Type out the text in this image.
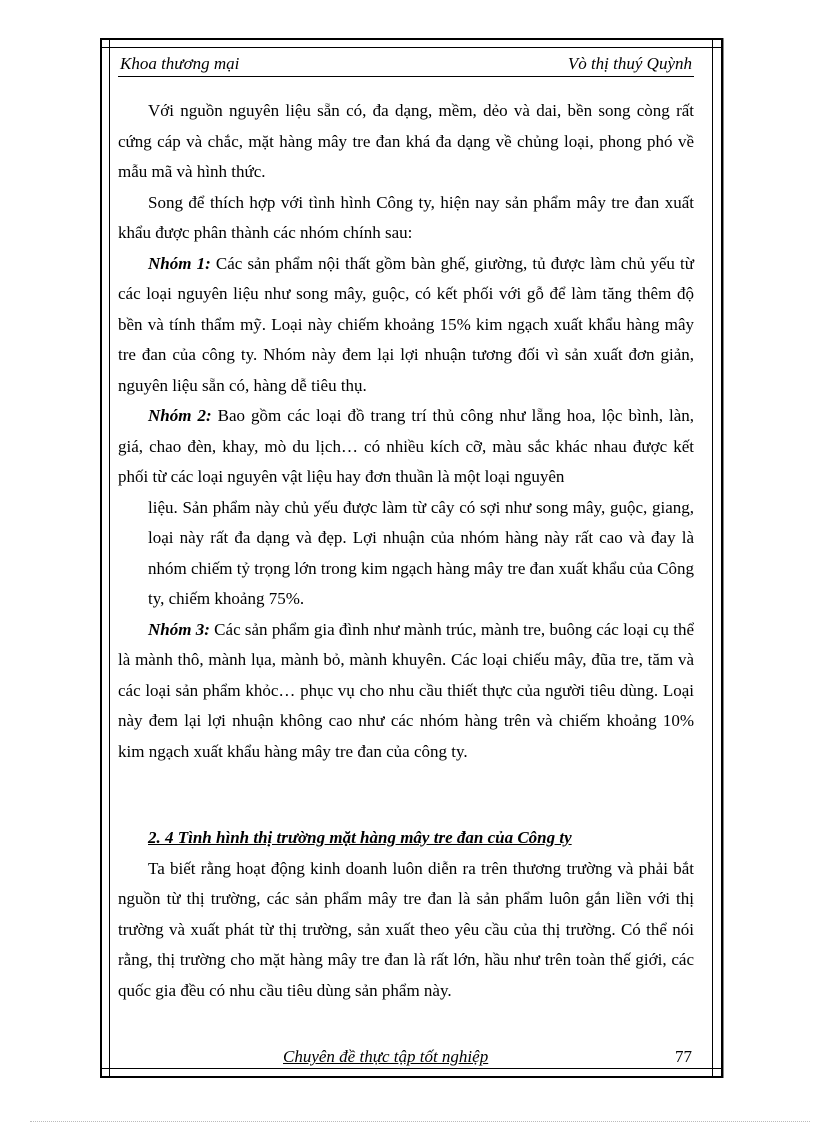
Khoa thương mại	Vò thị thuý Quỳnh

Với nguồn nguyên liệu sẵn có, đa dạng, mềm, dẻo và dai, bền song còng rất cứng cáp và chắc, mặt hàng mây tre đan khá đa dạng về chủng loại, phong phó về mẫu mã và hình thức.

Song để thích hợp với tình hình Công ty, hiện nay sản phẩm mây tre đan xuất khẩu được phân thành các nhóm chính sau:

Nhóm 1: Các sản phẩm nội thất gồm bàn ghế, giường, tủ được làm chủ yếu từ các loại nguyên liệu như song mây, guộc, có kết phối với gỗ để làm tăng thêm độ bền và tính thẩm mỹ. Loại này chiếm khoảng 15% kim ngạch xuất khẩu hàng mây tre đan của công ty. Nhóm này đem lại lợi nhuận tương đối vì sản xuất đơn giản, nguyên liệu sẵn có, hàng dễ tiêu thụ.

Nhóm 2: Bao gồm các loại đồ trang trí thủ công như lẵng hoa, lộc bình, làn, giá, chao đèn, khay, mò du lịch… có nhiều kích cỡ, màu sắc khác nhau được kết phối từ các loại nguyên vật liệu hay đơn thuần là một loại nguyên

liệu. Sản phẩm này chủ yếu được làm từ cây có sợi như song mây, guộc, giang, loại này rất đa dạng và đẹp. Lợi nhuận của nhóm hàng này rất cao và đay là nhóm chiếm tỷ trọng lớn trong kim ngạch hàng mây tre đan xuất khẩu của Công ty, chiếm khoảng 75%.

Nhóm 3: Các sản phẩm gia đình như mành trúc, mành tre, buông các loại cụ thể là mành thô, mành lụa, mành bỏ, mành khuyên. Các loại chiếu mây, đũa tre, tăm và các loại sản phẩm khỏc… phục vụ cho nhu cầu thiết thực của người tiêu dùng. Loại này đem lại lợi nhuận không cao như các nhóm hàng trên và chiếm khoảng 10% kim ngạch xuất khẩu hàng mây tre đan của công ty.

2. 4 Tình hình thị trường mặt hàng mây tre đan của Công ty

Ta biết rằng hoạt động kinh doanh luôn diễn ra trên thương trường và phải bắt nguồn từ thị trường, các sản phẩm mây tre đan là sản phẩm luôn gắn liền với thị trường và xuất phát từ thị trường, sản xuất theo yêu cầu của thị trường. Có thể nói rằng, thị trường cho mặt hàng mây tre đan là rất lớn, hầu như trên toàn thế giới, các quốc gia đều có nhu cầu tiêu dùng sản phẩm này.

Chuyên đề thực tập tốt nghiệp	77
